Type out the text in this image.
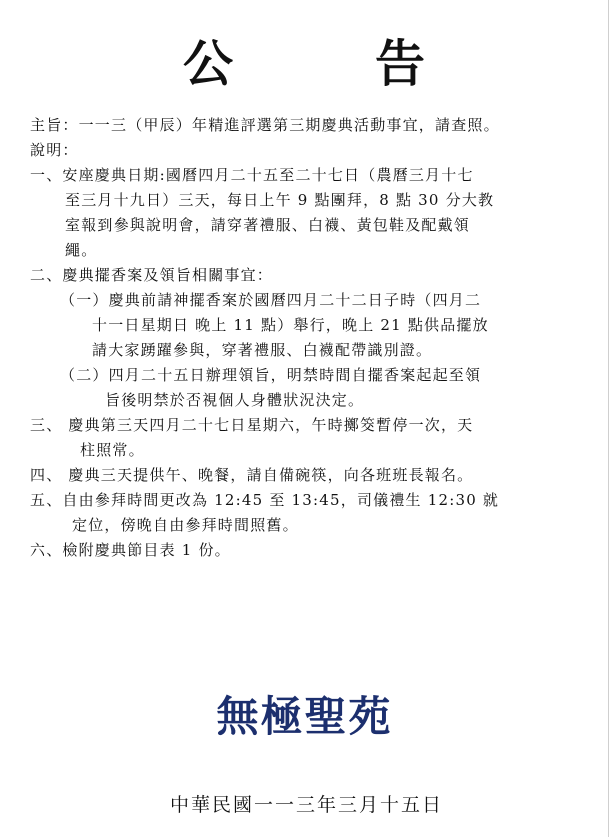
公	告
主旨：一一三（甲辰）年精進評選第三期慶典活動事宜，請查照。
說明：
一、安座慶典日期:國曆四月二十五至二十七日（農曆三月十七
至三月十九日）三天，每日上午 9 點團拜，8 點 30 分大教
室報到參與說明會，請穿著禮服、白襪、黃包鞋及配戴領
繩。
二、慶典擺香案及領旨相關事宜：
（一）慶典前請神擺香案於國曆四月二十二日子時（四月二
十一日星期日 晚上 11 點）舉行，晚上 21 點供品擺放
請大家踴躍參與，穿著禮服、白襪配帶識別證。
（二）四月二十五日辦理領旨，明禁時間自擺香案起起至領
旨後明禁於否視個人身體狀況決定。
三、 慶典第三天四月二十七日星期六，午時擲筊暫停一次，天
柱照常。
四、 慶典三天提供午、晚餐，請自備碗筷，向各班班長報名。
五、自由參拜時間更改為 12:45 至 13:45，司儀禮生 12:30 就
定位，傍晚自由參拜時間照舊。
六、檢附慶典節目表 1 份。
無極聖苑
中華民國一一三年三月十五日
